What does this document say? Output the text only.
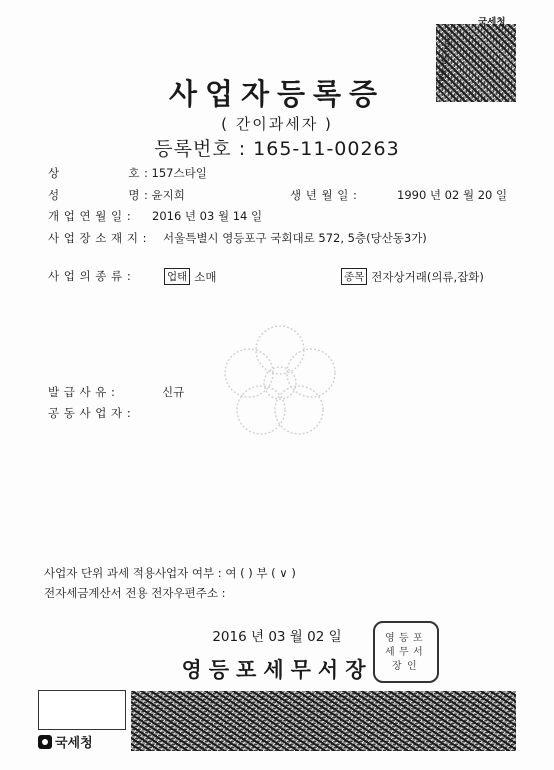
국세청
www.nts.go.kr
사업자등록증
( 간이과세자 )
등록번호 : 165-11-00263
상	호 : 157스타일
성	명 : 윤지희	생 년 월 일 :	1990 년 02 월 20 일
개 업 연 월 일 : 2016 년 03 월 14 일
사 업 장 소 재 지 : 서울특별시 영등포구 국회대로 572, 5층(당산동3가)
사 업 의 종 류 :	업태 소매	종목 전자상거래(의류,잡화)
발 급 사 유 :	신규
공 동 사 업 자 :
사업자 단위 과세 적용사업자 여부 : 여 ( ) 부 ( ∨ )
전자세금계산서 전용 전자우편주소 :
2016 년 03 월 02 일
영등포세무서장
영 등 포
세 무 서
장 인
국세청
